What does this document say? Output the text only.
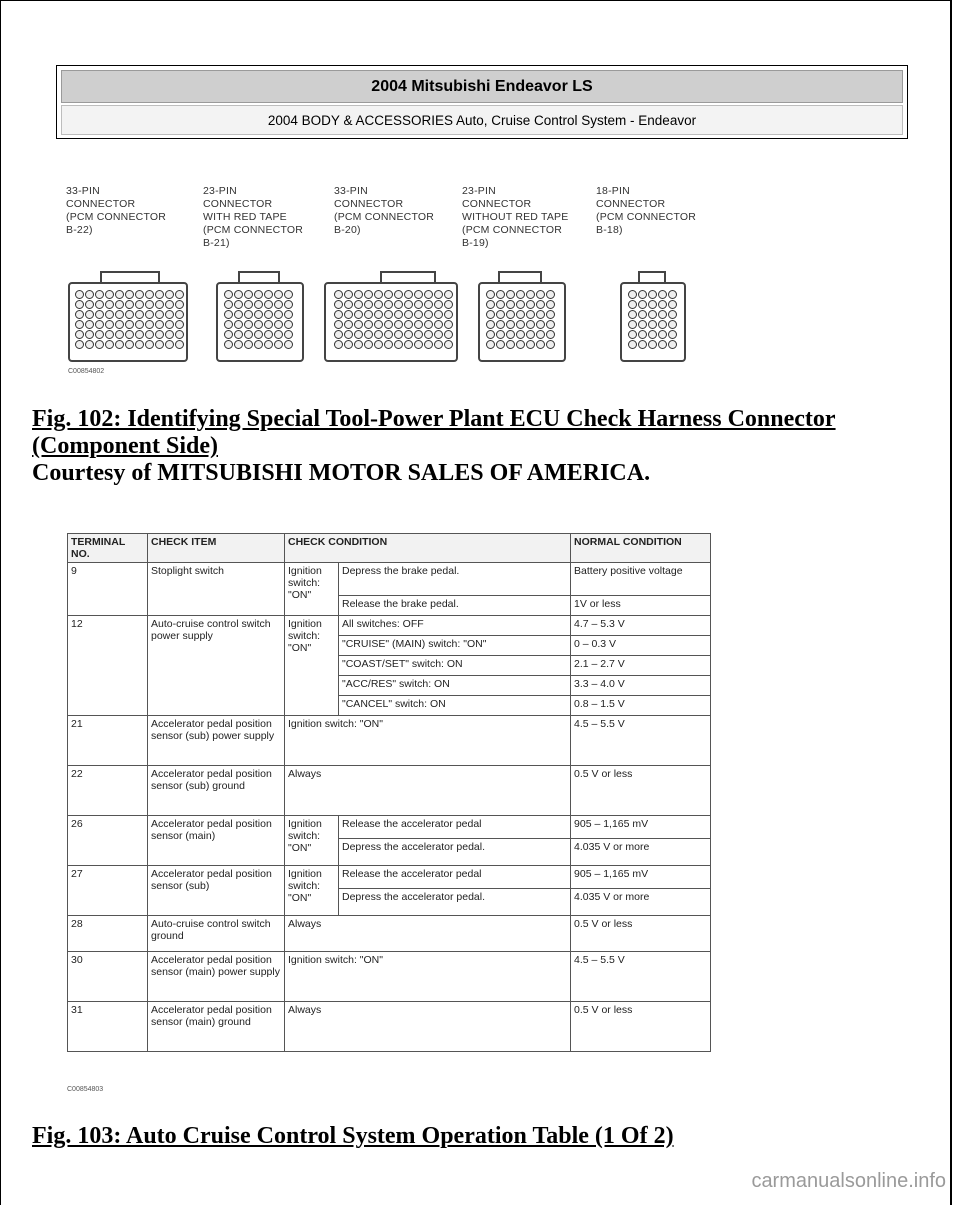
2004 Mitsubishi Endeavor LS
2004 BODY & ACCESSORIES Auto, Cruise Control System - Endeavor
33-PIN
CONNECTOR
(PCM CONNECTOR
B-22)
23-PIN
CONNECTOR
WITH RED TAPE
(PCM CONNECTOR
B-21)
33-PIN
CONNECTOR
(PCM CONNECTOR
B-20)
23-PIN
CONNECTOR
WITHOUT RED TAPE
(PCM CONNECTOR
B-19)
18-PIN
CONNECTOR
(PCM CONNECTOR
B-18)
C00854802
Fig. 102: Identifying Special Tool-Power Plant ECU Check Harness Connector (Component Side)
Courtesy of MITSUBISHI MOTOR SALES OF AMERICA.
TERMINAL NO.	CHECK ITEM	CHECK CONDITION		NORMAL CONDITION
9	Stoplight switch	Ignition switch: "ON"	Depress the brake pedal.	Battery positive voltage
			Release the brake pedal.	1V or less
12	Auto-cruise control switch power supply	Ignition switch: "ON"	All switches: OFF	4.7 – 5.3 V
			"CRUISE" (MAIN) switch: "ON"	0 – 0.3 V
			"COAST/SET" switch: ON	2.1 – 2.7 V
			"ACC/RES" switch: ON	3.3 – 4.0 V
			"CANCEL" switch: ON	0.8 – 1.5 V
21	Accelerator pedal position sensor (sub) power supply	Ignition switch: "ON"		4.5 – 5.5 V
22	Accelerator pedal position sensor (sub) ground	Always		0.5 V or less
26	Accelerator pedal position sensor (main)	Ignition switch: "ON"	Release the accelerator pedal	905 – 1,165 mV
			Depress the accelerator pedal.	4.035 V or more
27	Accelerator pedal position sensor (sub)	Ignition switch: "ON"	Release the accelerator pedal	905 – 1,165 mV
			Depress the accelerator pedal.	4.035 V or more
28	Auto-cruise control switch ground	Always		0.5 V or less
30	Accelerator pedal position sensor (main) power supply	Ignition switch: "ON"		4.5 – 5.5 V
31	Accelerator pedal position sensor (main) ground	Always		0.5 V or less
C00854803
Fig. 103: Auto Cruise Control System Operation Table (1 Of 2)
carmanualsonline.info
